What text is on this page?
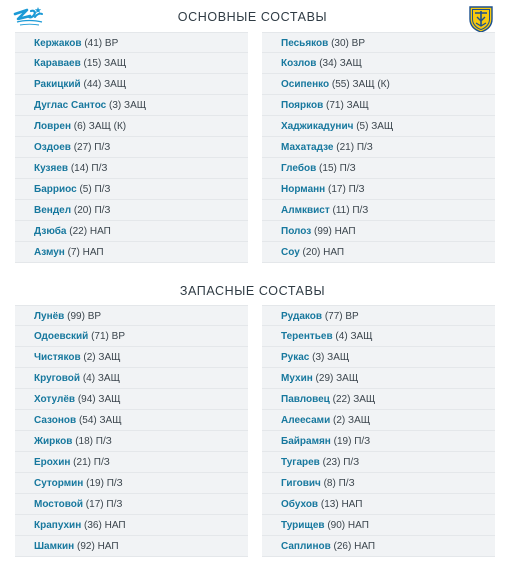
ОСНОВНЫЕ СОСТАВЫ
Кержаков (41) ВР
Караваев (15) ЗАЩ
Ракицкий (44) ЗАЩ
Дуглас Сантос (3) ЗАЩ
Ловрен (6) ЗАЩ (К)
Оздоев (27) П/З
Кузяев (14) П/З
Барриос (5) П/З
Вендел (20) П/З
Дзюба (22) НАП
Азмун (7) НАП
Песьяков (30) ВР
Козлов (34) ЗАЩ
Осипенко (55) ЗАЩ (К)
Поярков (71) ЗАЩ
Хаджикадунич (5) ЗАЩ
Махатадзе (21) П/З
Глебов (15) П/З
Норманн (17) П/З
Алмквист (11) П/З
Полоз (99) НАП
Соу (20) НАП
ЗАПАСНЫЕ СОСТАВЫ
Лунёв (99) ВР
Одоевский (71) ВР
Чистяков (2) ЗАЩ
Круговой (4) ЗАЩ
Хотулёв (94) ЗАЩ
Сазонов (54) ЗАЩ
Жирков (18) П/З
Ерохин (21) П/З
Сутормин (19) П/З
Мостовой (17) П/З
Крапухин (36) НАП
Шамкин (92) НАП
Рудаков (77) ВР
Терентьев (4) ЗАЩ
Рукас (3) ЗАЩ
Мухин (29) ЗАЩ
Павловец (22) ЗАЩ
Алеесами (2) ЗАЩ
Байрамян (19) П/З
Тугарев (23) П/З
Гигович (8) П/З
Обухов (13) НАП
Турищев (90) НАП
Саплинов (26) НАП
